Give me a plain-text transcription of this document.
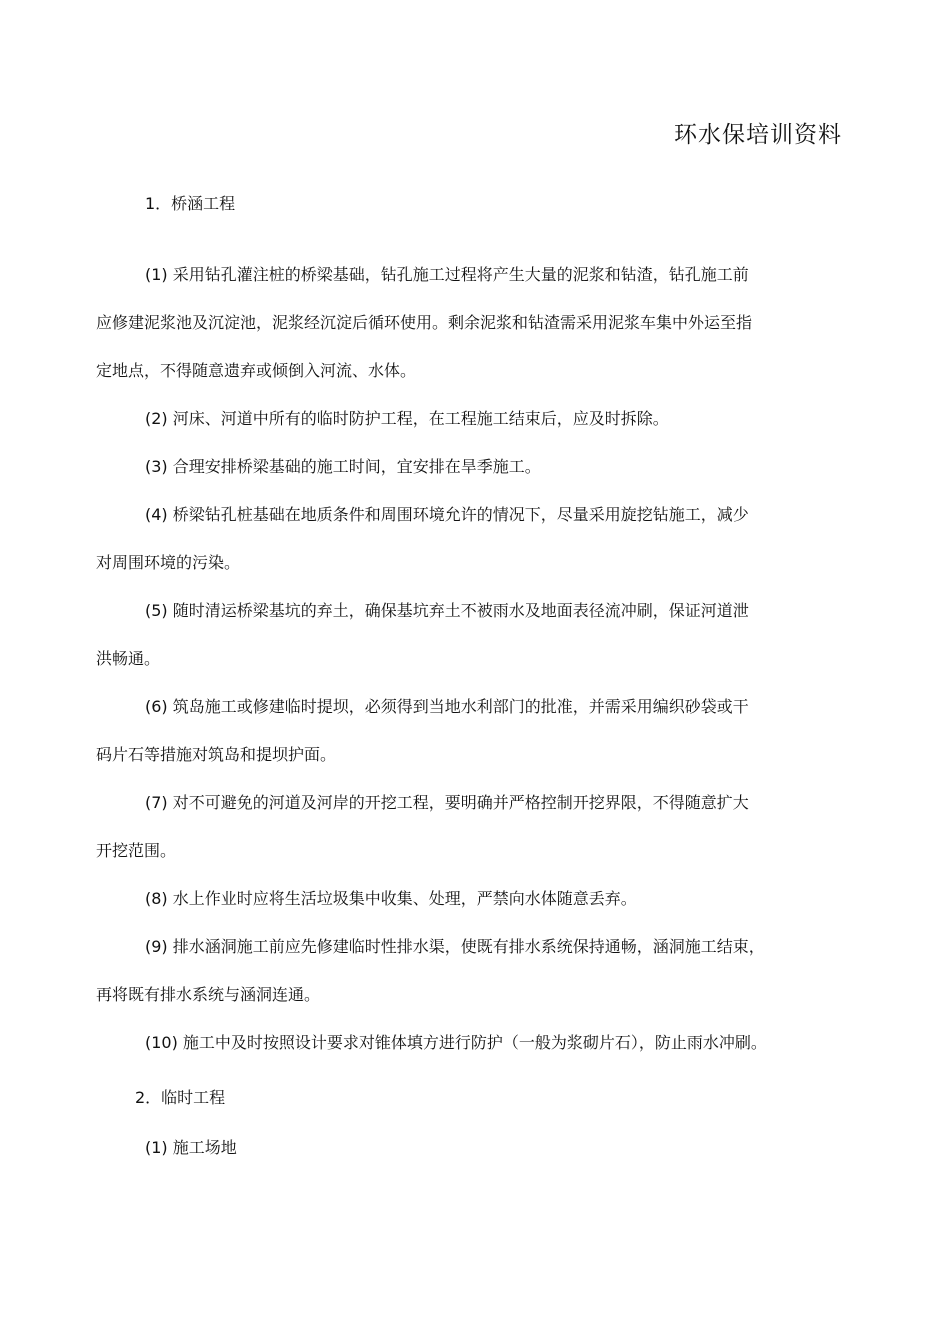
环水保培训资料
1．桥涵工程
(1) 采用钻孔灌注桩的桥梁基础，钻孔施工过程将产生大量的泥浆和钻渣，钻孔施工前
应修建泥浆池及沉淀池，泥浆经沉淀后循环使用。剩余泥浆和钻渣需采用泥浆车集中外运至指
定地点，不得随意遗弃或倾倒入河流、水体。
(2) 河床、河道中所有的临时防护工程，在工程施工结束后，应及时拆除。
(3) 合理安排桥梁基础的施工时间，宜安排在旱季施工。
(4) 桥梁钻孔桩基础在地质条件和周围环境允许的情况下，尽量采用旋挖钻施工，减少
对周围环境的污染。
(5) 随时清运桥梁基坑的弃土，确保基坑弃土不被雨水及地面表径流冲刷，保证河道泄
洪畅通。
(6) 筑岛施工或修建临时提坝，必须得到当地水利部门的批准，并需采用编织砂袋或干
码片石等措施对筑岛和提坝护面。
(7) 对不可避免的河道及河岸的开挖工程，要明确并严格控制开挖界限，不得随意扩大
开挖范围。
(8) 水上作业时应将生活垃圾集中收集、处理，严禁向水体随意丢弃。
(9) 排水涵洞施工前应先修建临时性排水渠，使既有排水系统保持通畅，涵洞施工结束，
再将既有排水系统与涵洞连通。
(10) 施工中及时按照设计要求对锥体填方进行防护（一般为浆砌片石），防止雨水冲刷。
2．临时工程
(1) 施工场地
